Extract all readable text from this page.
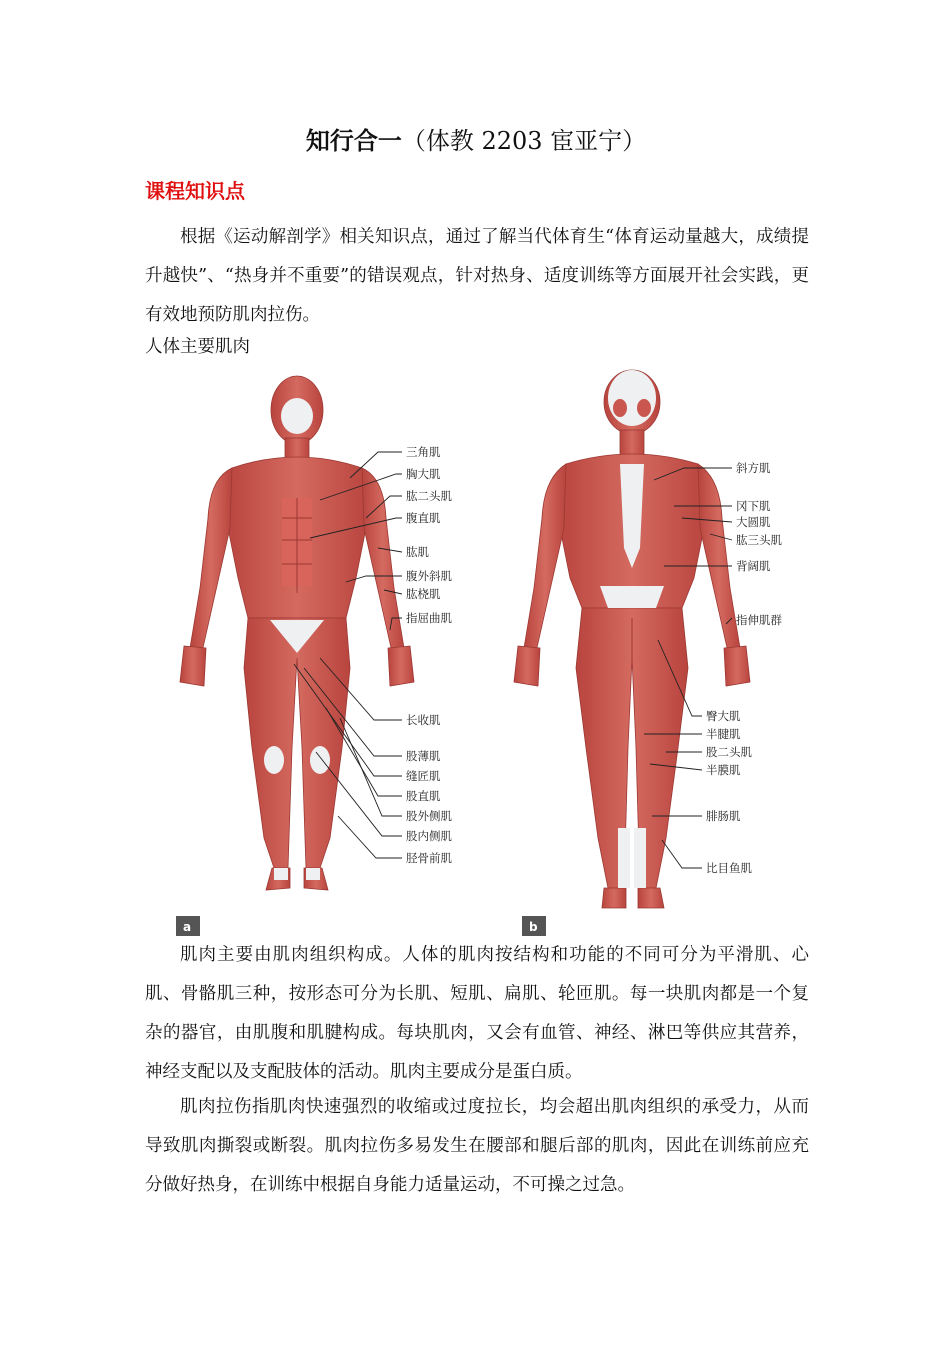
知行合一（体教 2203 宦亚宁）
课程知识点
根据《运动解剖学》相关知识点，通过了解当代体育生“体育运动量越大，成绩提升越快”、“热身并不重要”的错误观点，针对热身、适度训练等方面展开社会实践，更有效地预防肌肉拉伤。
人体主要肌肉
a	b
三角肌
胸大肌
肱二头肌
腹直肌
肱肌
腹外斜肌
肱桡肌
指屈曲肌
长收肌
股薄肌
缝匠肌
股直肌
股外侧肌
股内侧肌
胫骨前肌
斜方肌
冈下肌
大圆肌
肱三头肌
背阔肌
指伸肌群
臀大肌
半腱肌
股二头肌
半膜肌
腓肠肌
比目鱼肌
肌肉主要由肌肉组织构成。人体的肌肉按结构和功能的不同可分为平滑肌、心肌、骨骼肌三种，按形态可分为长肌、短肌、扁肌、轮匝肌。每一块肌肉都是一个复杂的器官，由肌腹和肌腱构成。每块肌肉，又会有血管、神经、淋巴等供应其营养，神经支配以及支配肢体的活动。肌肉主要成分是蛋白质。
肌肉拉伤指肌肉快速强烈的收缩或过度拉长，均会超出肌肉组织的承受力，从而导致肌肉撕裂或断裂。肌肉拉伤多易发生在腰部和腿后部的肌肉，因此在训练前应充分做好热身，在训练中根据自身能力适量运动，不可操之过急。
